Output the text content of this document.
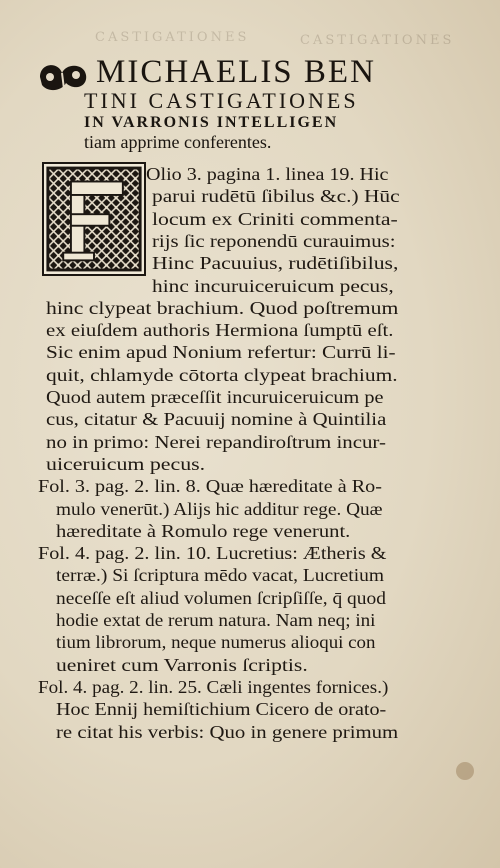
CASTIGATIONES	CASTIGATIONES
MICHAELIS BEN
TINI CASTIGATIONES
IN VARRONIS INTELLIGEN
tiam apprime conferentes.
Olio 3. pagina 1. linea 19. Hic
parui rudētū ſibilus &c.) Hūc
locum ex Criniti commenta-
rijs ſic reponendū curauimus:
Hinc Pacuuius, rudētiſibilus,
hinc incuruiceruicum pecus,
hinc clypeat brachium. Quod poſtremum
ex eiuſdem authoris Hermiona ſumptū eſt.
Sic enim apud Nonium refertur: Currū li-
quit, chlamyde cōtorta clypeat brachium.
Quod autem præceſſit incuruiceruicum pe
cus, citatur & Pacuuij nomine à Quintilia
no in primo: Nerei repandiroſtrum incur-
uiceruicum pecus.
Fol. 3. pag. 2. lin. 8. Quæ hæreditate à Ro-
mulo venerūt.) Alijs hic additur rege. Quæ
hæreditate à Romulo rege venerunt.
Fol. 4. pag. 2. lin. 10. Lucretius: Ætheris &
terræ.) Si ſcriptura mēdo vacat, Lucretium
neceſſe eſt aliud volumen ſcripſiſſe, q̄ quod
hodie extat de rerum natura. Nam neq; ini
tium librorum, neque numerus alioqui con
ueniret cum Varronis ſcriptis.
Fol. 4. pag. 2. lin. 25. Cæli ingentes fornices.)
Hoc Ennij hemiſtichium Cicero de orato-
re citat his verbis: Quo in genere primum
